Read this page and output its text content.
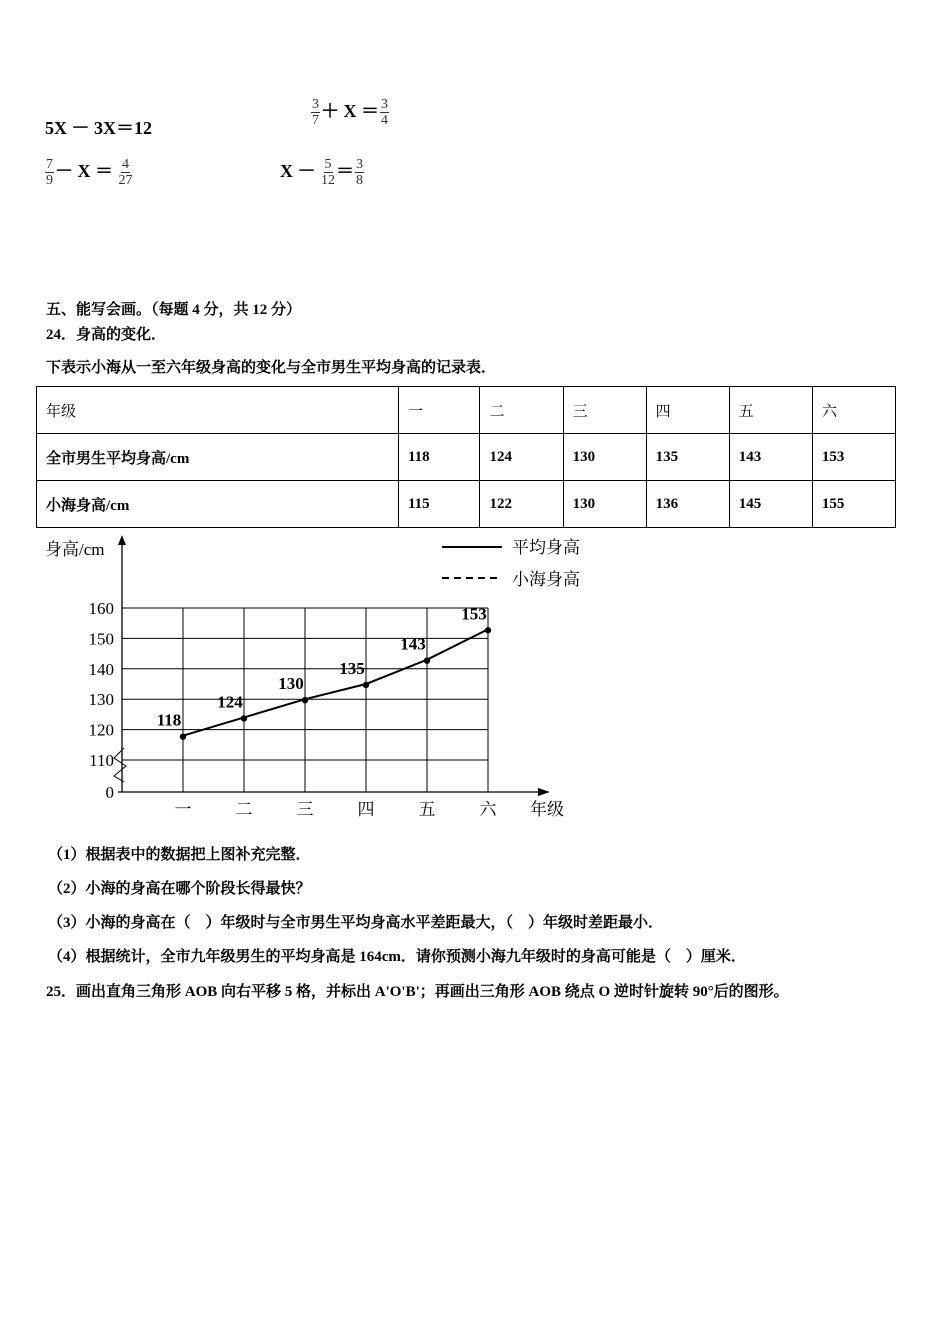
5X － 3X＝12	$\frac{3}{7} + X = \frac{3}{4}$
$\frac{7}{9} - X = \frac{4}{27}$	$X - \frac{5}{12} = \frac{3}{8}$
五、能写会画。（每题 4 分，共 12 分）
24．身高的变化．
下表示小海从一至六年级身高的变化与全市男生平均身高的记录表．
年级	一	二	三	四	五	六
全市男生平均身高/cm	118	124	130	135	143	153
小海身高/cm	115	122	130	136	145	155
身高/cm
年级
平均身高
小海身高
0
110
120
130
140
150
160
一	二	三	四	五	六
118
124
130
135
143
153
（1）根据表中的数据把上图补充完整．
（2）小海的身高在哪个阶段长得最快？
（3）小海的身高在（　）年级时与全市男生平均身高水平差距最大，（　）年级时差距最小．
（4）根据统计，全市九年级男生的平均身高是 164cm．请你预测小海九年级时的身高可能是（　）厘米．
25．画出直角三角形 AOB 向右平移 5 格，并标出 A'O'B'；再画出三角形 AOB 绕点 O 逆时针旋转 90°后的图形。
